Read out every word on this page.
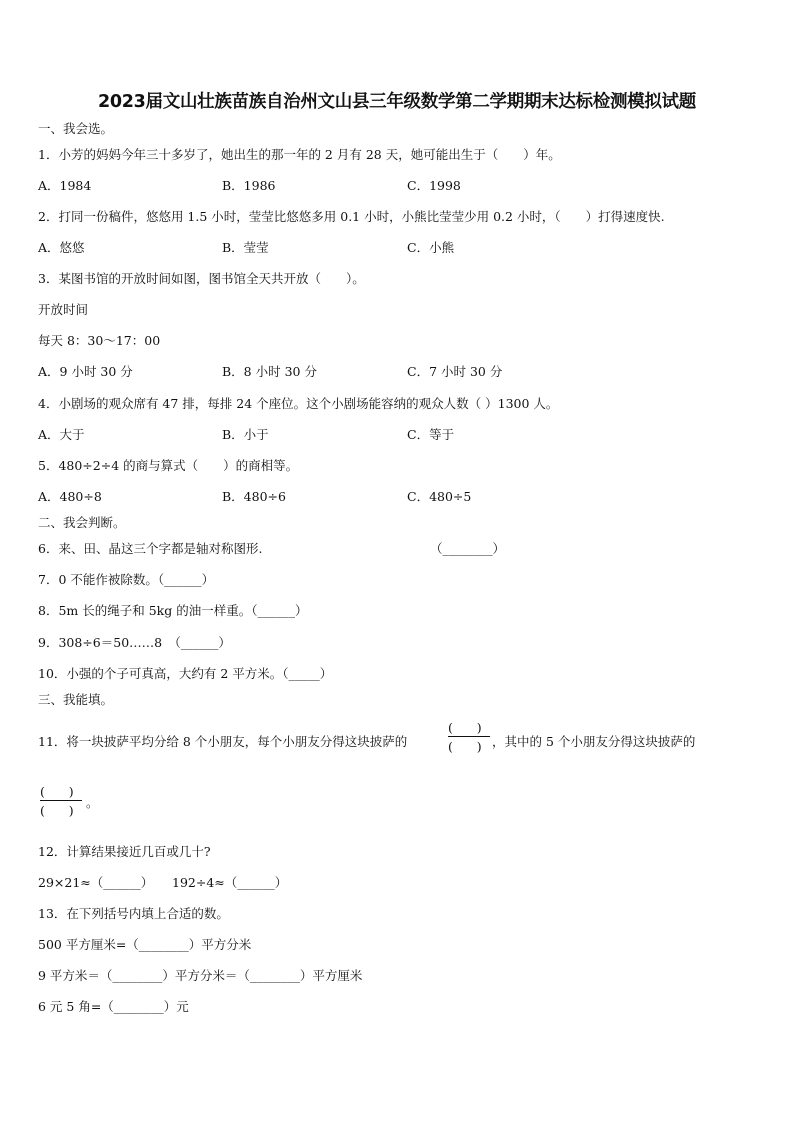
2023届文山壮族苗族自治州文山县三年级数学第二学期期末达标检测模拟试题
一、我会选。
1．小芳的妈妈今年三十多岁了，她出生的那一年的 2 月有 28 天，她可能出生于（　　）年。
A．1984	B．1986	C．1998
2．打同一份稿件，悠悠用 1.5 小时，莹莹比悠悠多用 0.1 小时，小熊比莹莹少用 0.2 小时，（　　）打得速度快.
A．悠悠	B．莹莹	C．小熊
3．某图书馆的开放时间如图，图书馆全天共开放（　　）。
开放时间
每天 8：30～17：00
A．9 小时 30 分	B．8 小时 30 分	C．7 小时 30 分
4．小剧场的观众席有 47 排，每排 24 个座位。这个小剧场能容纳的观众人数（ ）1300 人。
A．大于	B．小于	C．等于
5．480÷2÷4 的商与算式（　　）的商相等。
A．480÷8	B．480÷6	C．480÷5
二、我会判断。
6．来、田、晶这三个字都是轴对称图形.	（________）
7．0 不能作被除数。（______）
8．5m 长的绳子和 5kg 的油一样重。（______）
9．308÷6＝50……8　（______）
10．小强的个子可真高，大约有 2 平方米。（_____）
三、我能填。
11．将一块披萨平均分给 8 个小朋友，每个小朋友分得这块披萨的
(      )
(      ) ，其中的 5 个小朋友分得这块披萨的
(      )
(      )
。
12．计算结果接近几百或几十?
29×21≈（______） 192÷4≈（______）
13．在下列括号内填上合适的数。
500 平方厘米=（________）平方分米
9 平方米＝（________）平方分米＝（________）平方厘米
6 元 5 角=（________）元
